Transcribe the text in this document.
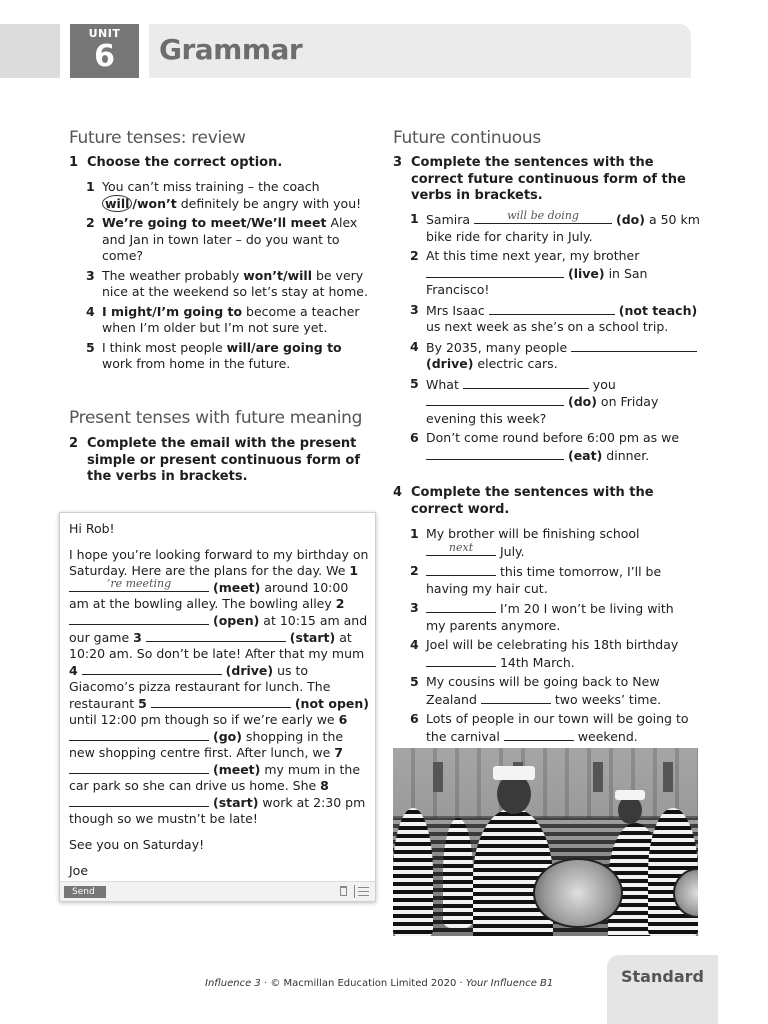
UNIT
6	Grammar
Future tenses: review
1 Choose the correct option.
1 You can’t miss training – the coach will /won’t definitely be angry with you!
2 We’re going to meet/We’ll meet Alex and Jan in town later – do you want to come?
3 The weather probably won’t/will be very nice at the weekend so let’s stay at home.
4 I might/I’m going to become a teacher when I’m older but I’m not sure yet.
5 I think most people will/are going to work from home in the future.
Present tenses with future meaning
2 Complete the email with the present simple or present continuous form of the verbs in brackets.

Hi Rob!

I hope you’re looking forward to my birthday on Saturday. Here are the plans for the day. We 1
’re meeting	(meet) around 10:00 am at the bowling alley. The bowling alley 2  (open) at 10:15 am and our game 3	(start) at 10:20 am. So don’t be late! After that my mum 4	(drive) us to Giacomo’s pizza restaurant for lunch. The restaurant 5	(not open) until 12:00 pm though so if we’re early we 6  (go) shopping in the new shopping centre first. After lunch, we 7  (meet) my mum in the car park so she can drive us home. She 8  (start) work at 2:30 pm though so we mustn’t be late!

See you on Saturday!

Joe

Send
Future continuous
3 Complete the sentences with the correct future continuous form of the verbs in brackets.
1 Samira	will be doing	(do) a 50 km bike ride for charity in July.
2 At this time next year, my brother  (live) in San Francisco!
3 Mrs Isaac	(not teach) us next week as she’s on a school trip.
4 By 2035, many people  (drive) electric cars.
5 What	you  (do) on Friday evening this week?
6 Don’t come round before 6:00 pm as we  (eat) dinner.
4 Complete the sentences with the correct word.
1 My brother will be finishing school
next	July.
2	this time tomorrow, I’ll be having my hair cut.
3	I’m 20 I won’t be living with my parents anymore.
4 Joel will be celebrating his 18th birthday  14th March.
5 My cousins will be going back to New Zealand	two weeks’ time.
6 Lots of people in our town will be going to the carnival	weekend.
Influence 3 · © Macmillan Education Limited 2020 · Your Influence B1	Standard
